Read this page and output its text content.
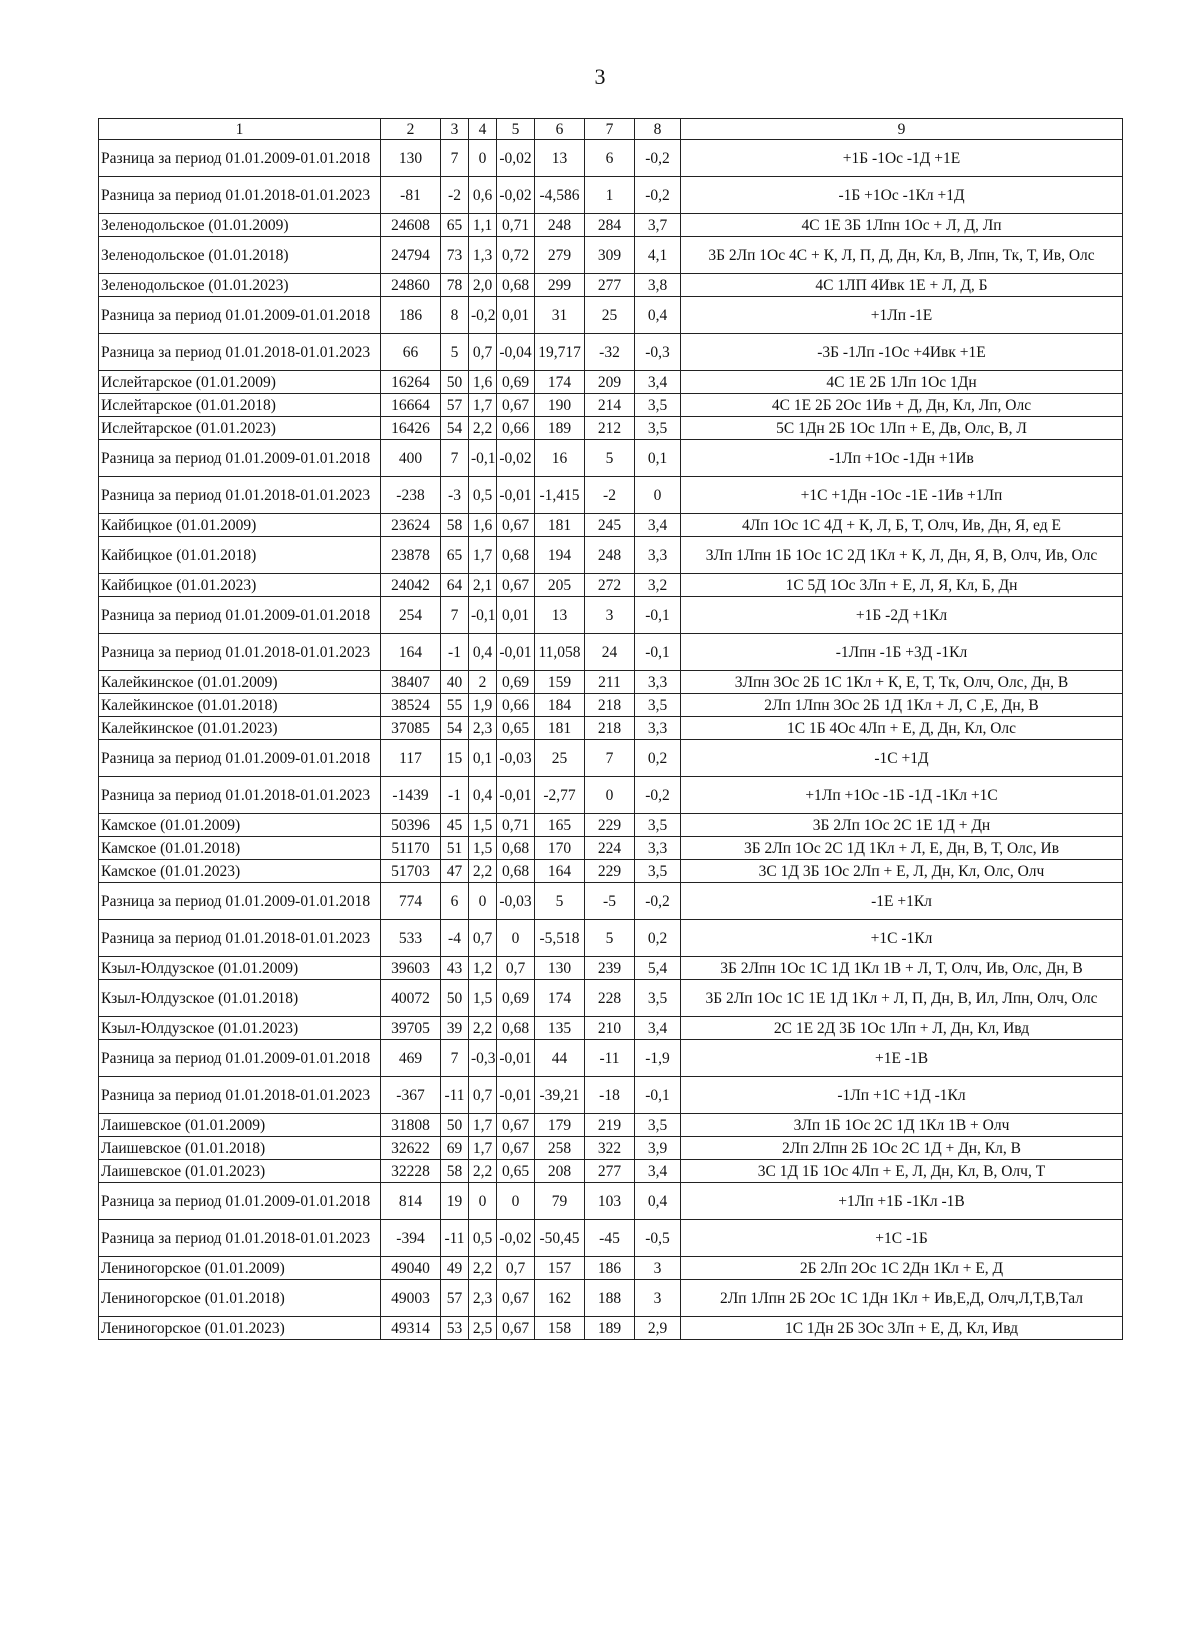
3
1	2	3	4	5	6	7	8	9
Разница за период 01.01.2009-01.01.2018	130	7	0	-0,02	13	6	-0,2	+1Б -1Ос -1Д +1Е
Разница за период 01.01.2018-01.01.2023	-81	-2	0,6	-0,02	-4,586	1	-0,2	-1Б +1Ос -1Кл +1Д
Зеленодольское (01.01.2009)	24608	65	1,1	0,71	248	284	3,7	4С 1Е 3Б 1Лпн 1Ос + Л, Д, Лп
Зеленодольское (01.01.2018)	24794	73	1,3	0,72	279	309	4,1	3Б 2Лп 1Ос 4С + К, Л, П, Д, Дн, Кл, В, Лпн, Тк, Т, Ив, Олс
Зеленодольское (01.01.2023)	24860	78	2,0	0,68	299	277	3,8	4С 1ЛП 4Ивк 1Е + Л, Д, Б
Разница за период 01.01.2009-01.01.2018	186	8	-0,2	0,01	31	25	0,4	+1Лп -1Е
Разница за период 01.01.2018-01.01.2023	66	5	0,7	-0,04	19,717	-32	-0,3	-3Б -1Лп -1Ос +4Ивк +1Е
Ислейтарское (01.01.2009)	16264	50	1,6	0,69	174	209	3,4	4С 1Е 2Б 1Лп 1Ос 1Дн
Ислейтарское (01.01.2018)	16664	57	1,7	0,67	190	214	3,5	4С 1Е 2Б 2Ос 1Ив + Д, Дн, Кл, Лп, Олс
Ислейтарское (01.01.2023)	16426	54	2,2	0,66	189	212	3,5	5С 1Дн 2Б 1Ос 1Лп + Е, Дв, Олс, В, Л
Разница за период 01.01.2009-01.01.2018	400	7	-0,1	-0,02	16	5	0,1	-1Лп +1Ос -1Дн +1Ив
Разница за период 01.01.2018-01.01.2023	-238	-3	0,5	-0,01	-1,415	-2	0	+1С +1Дн -1Ос -1Е -1Ив +1Лп
Кайбицкое (01.01.2009)	23624	58	1,6	0,67	181	245	3,4	4Лп 1Ос 1С 4Д + К, Л, Б, Т, Олч, Ив, Дн, Я, ед Е
Кайбицкое (01.01.2018)	23878	65	1,7	0,68	194	248	3,3	3Лп 1Лпн 1Б 1Ос 1С 2Д 1Кл + К, Л, Дн, Я, В, Олч, Ив, Олс
Кайбицкое (01.01.2023)	24042	64	2,1	0,67	205	272	3,2	1С 5Д 1Ос 3Лп + Е, Л, Я, Кл, Б, Дн
Разница за период 01.01.2009-01.01.2018	254	7	-0,1	0,01	13	3	-0,1	+1Б -2Д +1Кл
Разница за период 01.01.2018-01.01.2023	164	-1	0,4	-0,01	11,058	24	-0,1	-1Лпн -1Б +3Д -1Кл
Калейкинское (01.01.2009)	38407	40	2	0,69	159	211	3,3	3Лпн 3Ос 2Б 1С 1Кл + К, Е, Т, Тк, Олч, Олс, Дн, В
Калейкинское (01.01.2018)	38524	55	1,9	0,66	184	218	3,5	2Лп 1Лпн 3Ос 2Б 1Д 1Кл + Л, С ,Е, Дн, В
Калейкинское (01.01.2023)	37085	54	2,3	0,65	181	218	3,3	1С 1Б 4Ос 4Лп + Е, Д, Дн, Кл, Олс
Разница за период 01.01.2009-01.01.2018	117	15	0,1	-0,03	25	7	0,2	-1С +1Д
Разница за период 01.01.2018-01.01.2023	-1439	-1	0,4	-0,01	-2,77	0	-0,2	+1Лп +1Ос -1Б -1Д -1Кл +1С
Камское (01.01.2009)	50396	45	1,5	0,71	165	229	3,5	3Б 2Лп 1Ос 2С 1Е 1Д + Дн
Камское (01.01.2018)	51170	51	1,5	0,68	170	224	3,3	3Б 2Лп 1Ос 2С 1Д 1Кл + Л, Е, Дн, В, Т, Олс, Ив
Камское (01.01.2023)	51703	47	2,2	0,68	164	229	3,5	3С 1Д 3Б 1Ос 2Лп + Е, Л, Дн, Кл, Олс, Олч
Разница за период 01.01.2009-01.01.2018	774	6	0	-0,03	5	-5	-0,2	-1Е +1Кл
Разница за период 01.01.2018-01.01.2023	533	-4	0,7	0	-5,518	5	0,2	+1С -1Кл
Кзыл-Юлдузское (01.01.2009)	39603	43	1,2	0,7	130	239	5,4	3Б 2Лпн 1Ос 1С 1Д 1Кл 1В + Л, Т, Олч, Ив, Олс, Дн, В
Кзыл-Юлдузское (01.01.2018)	40072	50	1,5	0,69	174	228	3,5	3Б 2Лп 1Ос 1С 1Е 1Д 1Кл + Л, П, Дн, В, Ил, Лпн, Олч, Олс
Кзыл-Юлдузское (01.01.2023)	39705	39	2,2	0,68	135	210	3,4	2С 1Е 2Д 3Б 1Ос 1Лп + Л, Дн, Кл, Ивд
Разница за период 01.01.2009-01.01.2018	469	7	-0,3	-0,01	44	-11	-1,9	+1Е -1В
Разница за период 01.01.2018-01.01.2023	-367	-11	0,7	-0,01	-39,21	-18	-0,1	-1Лп +1С +1Д -1Кл
Лаишевское (01.01.2009)	31808	50	1,7	0,67	179	219	3,5	3Лп 1Б 1Ос 2С 1Д 1Кл 1В + Олч
Лаишевское (01.01.2018)	32622	69	1,7	0,67	258	322	3,9	2Лп 2Лпн 2Б 1Ос 2С 1Д + Дн, Кл, В
Лаишевское (01.01.2023)	32228	58	2,2	0,65	208	277	3,4	3С 1Д 1Б 1Ос 4Лп + Е, Л, Дн, Кл, В, Олч, Т
Разница за период 01.01.2009-01.01.2018	814	19	0	0	79	103	0,4	+1Лп +1Б -1Кл -1В
Разница за период 01.01.2018-01.01.2023	-394	-11	0,5	-0,02	-50,45	-45	-0,5	+1С -1Б
Лениногорское (01.01.2009)	49040	49	2,2	0,7	157	186	3	2Б 2Лп 2Ос 1С 2Дн 1Кл + Е, Д
Лениногорское (01.01.2018)	49003	57	2,3	0,67	162	188	3	2Лп 1Лпн 2Б 2Ос 1С 1Дн 1Кл + Ив,Е,Д, Олч,Л,Т,В,Тал
Лениногорское (01.01.2023)	49314	53	2,5	0,67	158	189	2,9	1С 1Дн 2Б 3Ос 3Лп + Е, Д, Кл, Ивд
